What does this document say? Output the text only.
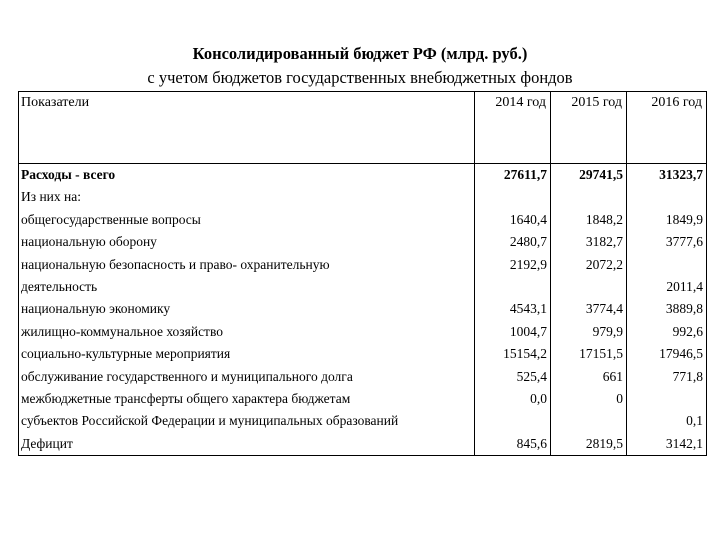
Консолидированный бюджет РФ (млрд. руб.)
с учетом бюджетов государственных внебюджетных фондов
Показатели	2014 год	2015 год	2016 год
Расходы - всего	27611,7	29741,5	31323,7
Из них на:			
общегосударственные вопросы	1640,4	1848,2	1849,9
национальную оборону	2480,7	3182,7	3777,6
национальную безопасность и право- охранительную	2192,9	2072,2	
деятельность			2011,4
национальную экономику	4543,1	3774,4	3889,8
жилищно-коммунальное хозяйство	1004,7	979,9	992,6
социально-культурные мероприятия	15154,2	17151,5	17946,5
обслуживание государственного и муниципального долга	525,4	661	771,8
межбюджетные трансферты общего характера бюджетам	0,0	0	
субъектов Российской Федерации и муниципальных образований			0,1
Дефицит	845,6	2819,5	3142,1
